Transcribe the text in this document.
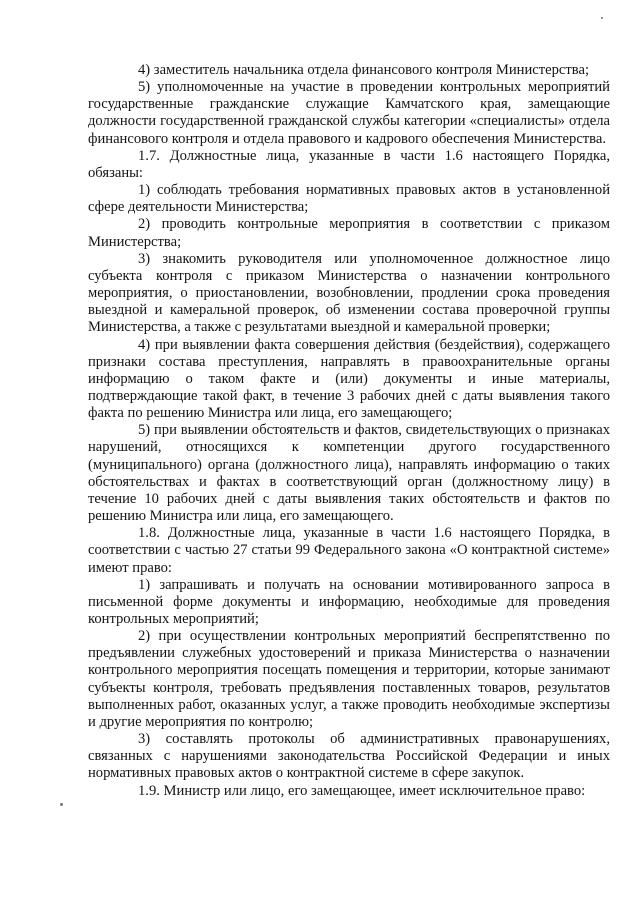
4) заместитель начальника отдела финансового контроля Министерства;

5) уполномоченные на участие в проведении контрольных мероприятий государственные гражданские служащие Камчатского края, замещающие должности государственной гражданской службы категории «специалисты» отдела финансового контроля и отдела правового и кадрового обеспечения Министерства.

1.7. Должностные лица, указанные в части 1.6 настоящего Порядка, обязаны:

1) соблюдать требования нормативных правовых актов в установленной сфере деятельности Министерства;

2) проводить контрольные мероприятия в соответствии с приказом Министерства;

3) знакомить руководителя или уполномоченное должностное лицо субъекта контроля с приказом Министерства о назначении контрольного мероприятия, о приостановлении, возобновлении, продлении срока проведения выездной и камеральной проверок, об изменении состава проверочной группы Министерства, а также с результатами выездной и камеральной проверки;

4) при выявлении факта совершения действия (бездействия), содержащего признаки состава преступления, направлять в правоохранительные органы информацию о таком факте и (или) документы и иные материалы, подтверждающие такой факт, в течение 3 рабочих дней с даты выявления такого факта по решению Министра или лица, его замещающего;

5) при выявлении обстоятельств и фактов, свидетельствующих о признаках нарушений, относящихся к компетенции другого государственного (муниципального) органа (должностного лица), направлять информацию о таких обстоятельствах и фактах в соответствующий орган (должностному лицу) в течение 10 рабочих дней с даты выявления таких обстоятельств и фактов по решению Министра или лица, его замещающего.

1.8. Должностные лица, указанные в части 1.6 настоящего Порядка, в соответствии с частью 27 статьи 99 Федерального закона «О контрактной системе» имеют право:

1) запрашивать и получать на основании мотивированного запроса в письменной форме документы и информацию, необходимые для проведения контрольных мероприятий;

2) при осуществлении контрольных мероприятий беспрепятственно по предъявлении служебных удостоверений и приказа Министерства о назначении контрольного мероприятия посещать помещения и территории, которые занимают субъекты контроля, требовать предъявления поставленных товаров, результатов выполненных работ, оказанных услуг, а также проводить необходимые экспертизы и другие мероприятия по контролю;

3) составлять протоколы об административных правонарушениях, связанных с нарушениями законодательства Российской Федерации и иных нормативных правовых актов о контрактной системе в сфере закупок.

1.9. Министр или лицо, его замещающее, имеет исключительное право:
